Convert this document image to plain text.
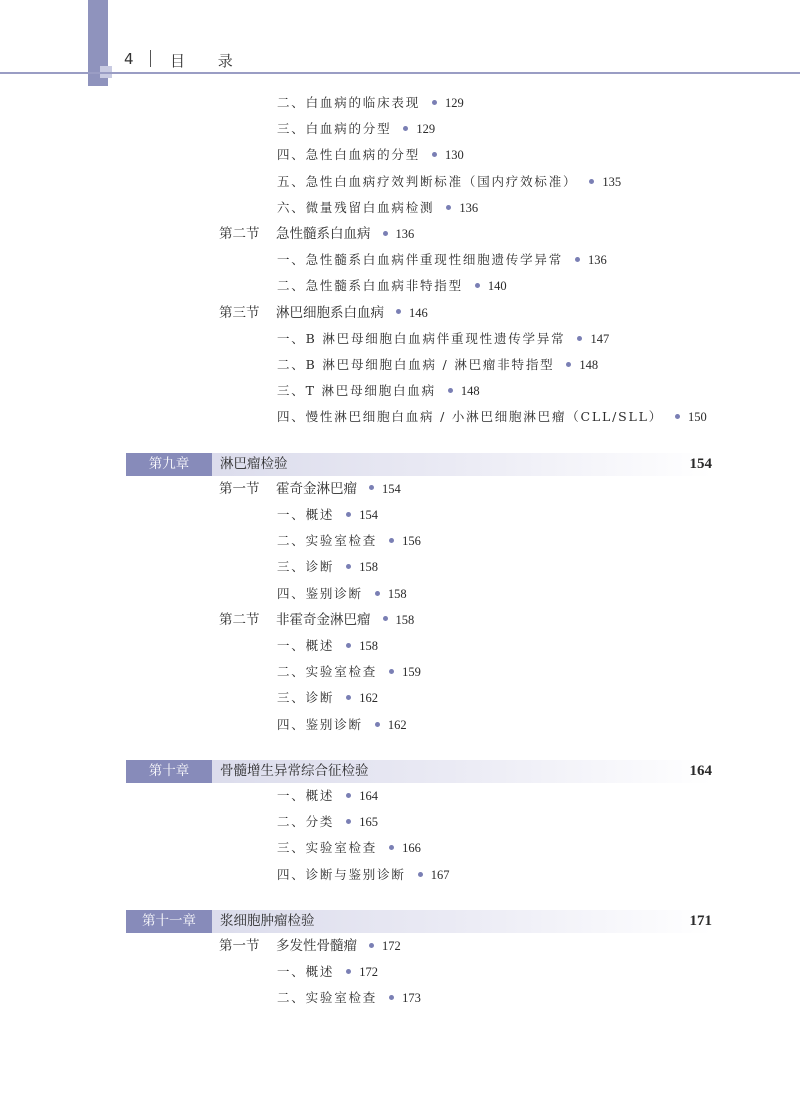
4 目 录
二、白血病的临床表现 129
三、白血病的分型 129
四、急性白血病的分型 130
五、急性白血病疗效判断标准（国内疗效标准） 135
六、微量残留白血病检测 136
第二节 急性髓系白血病 136
一、急性髓系白血病伴重现性细胞遗传学异常 136
二、急性髓系白血病非特指型 140
第三节 淋巴细胞系白血病 146
一、B 淋巴母细胞白血病伴重现性遗传学异常 147
二、B 淋巴母细胞白血病 / 淋巴瘤非特指型 148
三、T 淋巴母细胞白血病 148
四、慢性淋巴细胞白血病 / 小淋巴细胞淋巴瘤（CLL/SLL） 150
第九章	淋巴瘤检验	154
第一节 霍奇金淋巴瘤 154
一、概述 154
二、实验室检查 156
三、诊断 158
四、鉴别诊断 158
第二节 非霍奇金淋巴瘤 158
一、概述 158
二、实验室检查 159
三、诊断 162
四、鉴别诊断 162
第十章	骨髓增生异常综合征检验	164
一、概述 164
二、分类 165
三、实验室检查 166
四、诊断与鉴别诊断 167
第十一章	浆细胞肿瘤检验	171
第一节 多发性骨髓瘤 172
一、概述 172
二、实验室检查 173
